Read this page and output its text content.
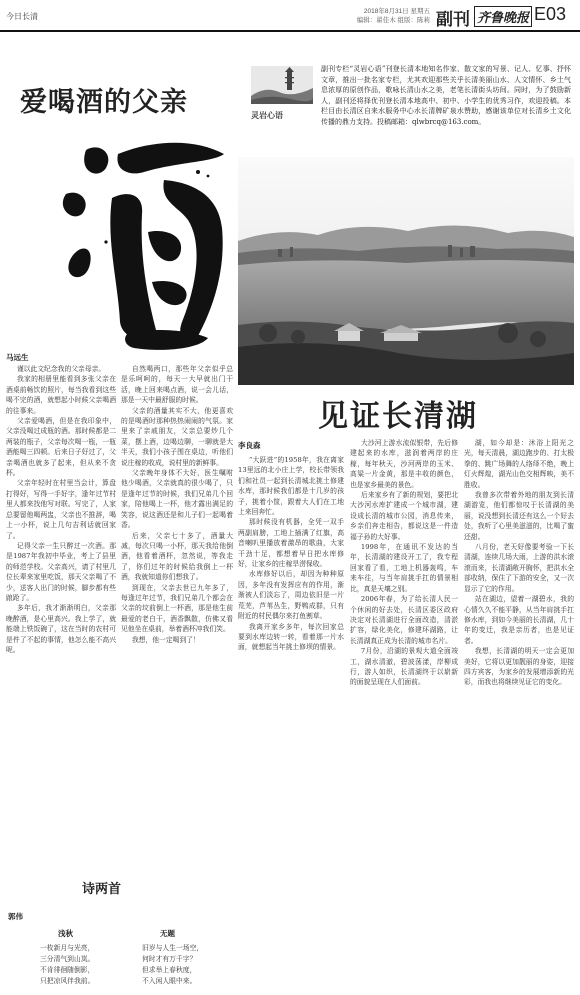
今日长清
2018年8月31日 星期五
编辑：翟佳木 组版：陈莉 副刊 齐鲁晚报 E03
爱喝酒的父亲
马远生

谨以此文纪念我的父亲母亲。

我家的相册里能看到多张父亲在酒桌前畅饮的照片，每当我看到这些喝不完的酒，就想起小时候父亲喝酒的往事来。

父亲爱喝酒，但是在我印象中，父亲没喝过成瓶的酒。那时候都是二两装的瓶子，父亲每次喝一瓶，一瓶酒能喝三四顿。后来日子好过了，父亲喝酒也就多了起来，但从来不贪杯。

父亲年轻时在村里当会计，算盘打得好，写得一手好字，逢年过节村里人都来找他写对联。写完了，人家总要留他喝两盅，父亲也不推辞，喝上一小杯，说上几句吉利话就回家了。

记得父亲一生只醉过一次酒。那是1987年我初中毕业，考上了县里的师范学校。父亲高兴，请了村里几位长辈来家里吃饭，那天父亲喝了不少，送客人出门的时候，脚步都有些踉跄了。

多年后，我才渐渐明白，父亲那晚醉酒，是心里高兴。我上学了，就能端上铁饭碗了，这在当时的农村可是件了不起的事情，他怎么能不高兴呢。

自然喝两口，那些年父亲似乎总是乐呵呵的，每天一大早就出门干活，晚上回来喝点酒，说一会儿话，那是一天中最舒服的时候。

父亲的酒量其实不大，他更喜欢的是喝酒时那种热热闹闹的气氛。家里来了亲戚朋友，父亲总要炒几个菜，摆上酒，边喝边聊，一聊就是大半天，我们小孩子围在桌边，听他们说庄稼的收成，说村里的新鲜事。

父亲晚年身体不大好，医生嘱咐他少喝酒，父亲就真的很少喝了，只是逢年过节的时候，我们兄弟几个回家，陪他喝上一杯，他才露出满足的笑容，说这酒还是和儿子们一起喝着香。

后来，父亲七十多了，酒量大减，每次只喝一小杯，那天我给他倒酒，他看着酒杯，忽然说，等我走了，你们过年的时候给我倒上一杯酒，我就知道你们想我了。

到现在，父亲去世已九年多了，每逢过年过节，我们兄弟几个都会在父亲的坟前倒上一杯酒，那是他生前最爱的老白干，酒香飘散，仿佛又看见他坐在桌前，举着酒杯冲我们笑。

我想，他一定喝到了！

诗两首
郭伟
浅秋
一枚新月与光亮，
三分清气到山岚。
不肯徘徊随倒影，
只把凉风伴我前。
无题
旧岁与人生一场空，
何时才有万千字？
但求举上春秋度，
不入闲人眼中来。
灵岩心语
副刊专栏“灵岩心语”刊登长清本地知名作家、散文家的写景、记人、忆事、抒怀文章，推出一批名家专栏，尤其欢迎那些关乎长清美丽山水、人文情怀、乡土气息浓厚的原创作品，歌咏长清山水之美，老笔长清街头坊间。同时，为了鼓励新人，副刊还将择优刊登长清本地高中、初中、小学生的优秀习作，欢迎投稿。本栏目由长清区自来水服务中心水长清牌矿泉水赞助，感谢该单位对长清乡土文化传播的鼎力支持。投稿邮箱：qlwbrcq@163.com。
见证长清湖
李良森

“大跃进”的1958年，我在离家13里远的北小庄上学，校长带领我们和社员一起到长清城北挑土修建水库，那时候我们都是十几岁的孩子，挑着小筐，跟着大人们在工地上来回奔忙。

那时候没有机器，全凭一双手两副肩膀，工地上插满了红旗，高音喇叭里播放着激昂的歌曲，大家干劲十足，都想着早日把水库修好，让家乡的庄稼旱涝保收。

水库修好以后，却因为种种原因，多年没有发挥应有的作用，渐渐被人们淡忘了，周边依旧是一片荒芜，芦苇丛生，野鸭成群，只有附近的村民偶尔来打鱼割草。

我离开家乡多年，每次回家总要到水库边转一转，看着那一片水面，就想起当年挑土修坝的情景。

大沙河上游水流似银带，先后修建起来的水库，滋润着两岸的庄稼，每年秋天，沙河两岸的玉米、高粱一片金黄，那是丰收的颜色，也是家乡最美的景色。

后来家乡有了新的规划，要把北大沙河水库扩建成一个城市湖，建设成长清的城市公园，消息传来，乡亲们奔走相告，都说这是一件造福子孙的大好事。

1998年，在通讯不发达的当年，长清湖的建设开工了，我专程回家看了看，工地上机器轰鸣，车来车往，与当年肩挑手扛的情景相比，真是天壤之别。

2006年春，为了给长清人民一个休闲的好去处，长清区委区政府决定对长清湖进行全面改造，清淤扩容，绿化美化，修建环湖路，让长清湖真正成为长清的城市名片。

7月份，沿湖的景观大道全面竣工，湖水清澈，碧波荡漾，岸柳成行，游人如织，长清湖终于以崭新的面貌呈现在人们面前。

湖，如今却是：沐浴上阳光之光，每天清晨，湖边跑步的、打太极拳的、跳广场舞的人络绎不绝，晚上灯火辉煌，湖光山色交相辉映，美不胜收。

我曾多次带着外地的朋友到长清湖游览，他们都惊叹于长清湖的美丽，说没想到长清还有这么一个好去处，我听了心里美滋滋的，比喝了蜜还甜。

八月份，老天好像要考验一下长清湖，连续几场大雨，上游的洪水滚滚而来，长清湖敞开胸怀，把洪水全部收纳，保住了下游的安全，又一次显示了它的作用。

站在湖边，望着一湖碧水，我的心情久久不能平静，从当年肩挑手扛修水库，到如今美丽的长清湖，几十年的变迁，我是亲历者，也是见证者。

我想，长清湖的明天一定会更加美好，它将以更加靓丽的身姿，迎接四方宾客，为家乡的发展增添新的光彩，而我也将继续见证它的变化。
